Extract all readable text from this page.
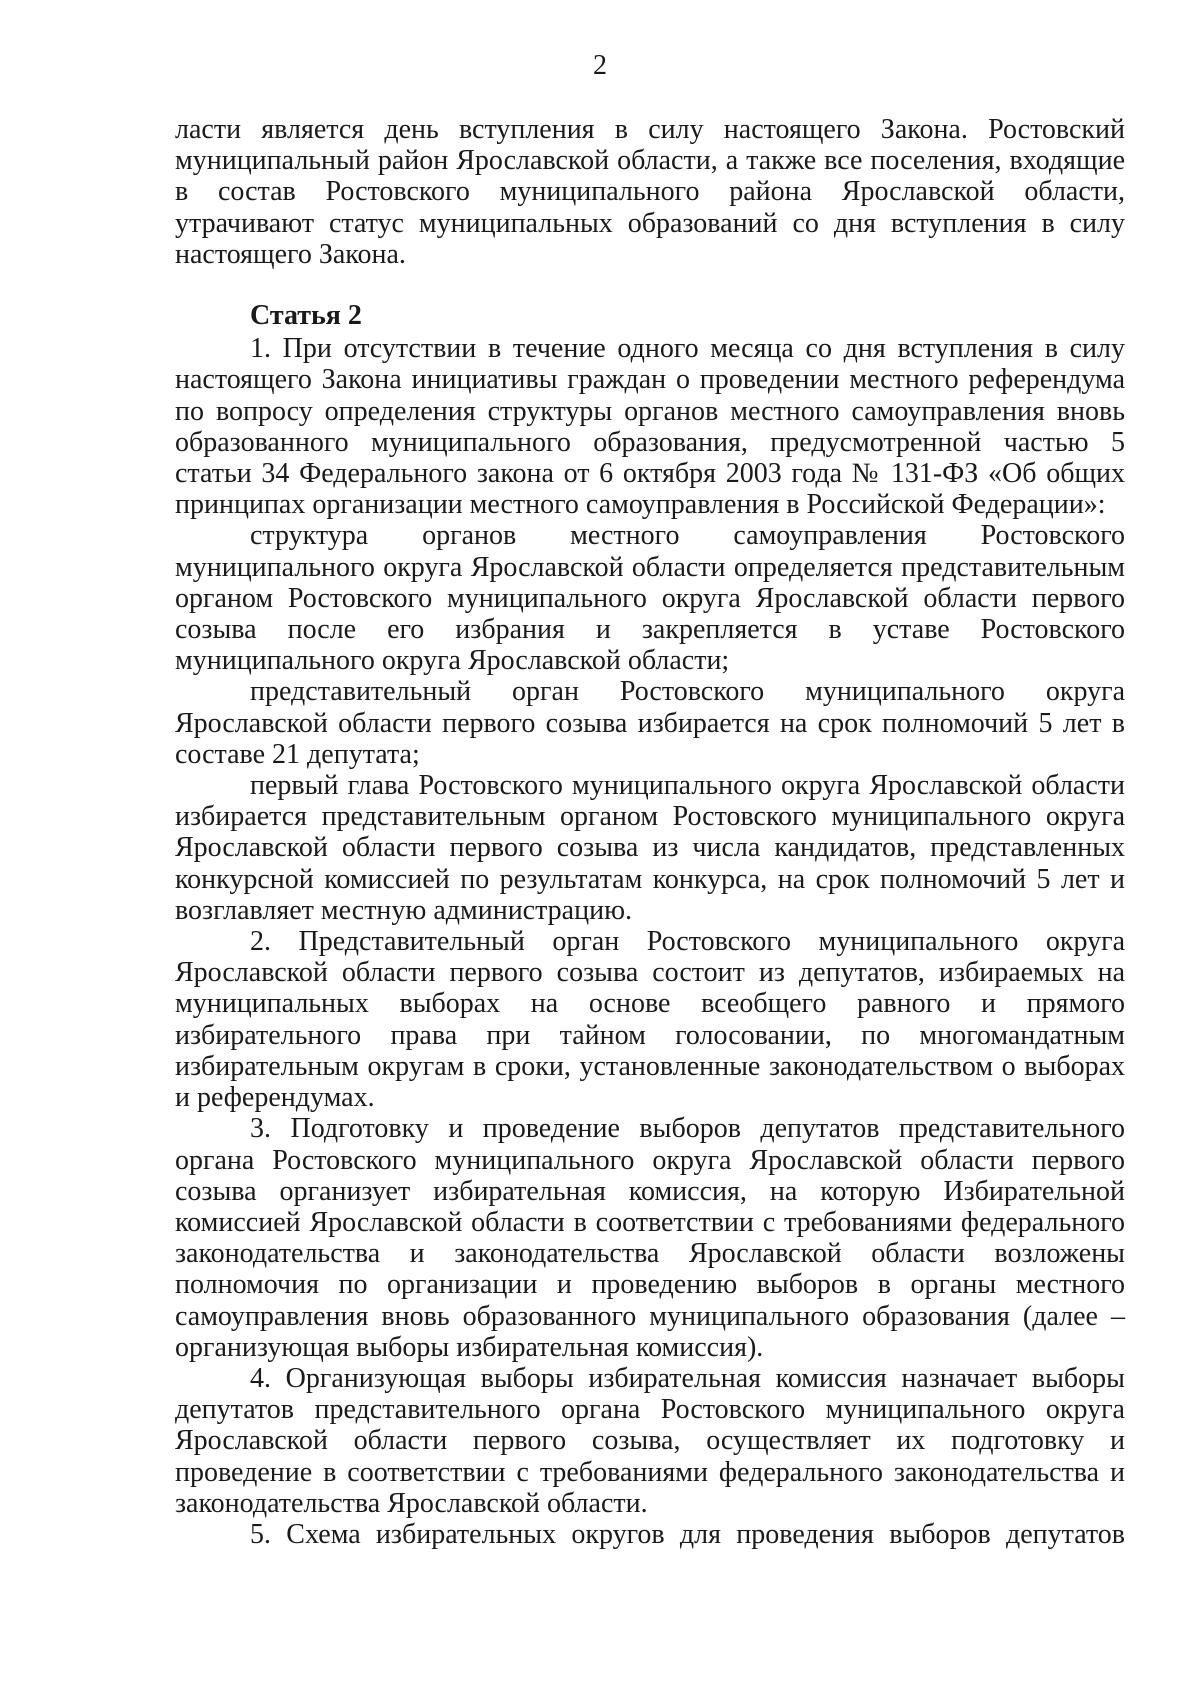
2

ласти является день вступления в силу настоящего Закона. Ростовский муниципальный район Ярославской области, а также все поселения, входящие в состав Ростовского муниципального района Ярославской области, утрачивают статус муниципальных образований со дня вступления в силу настоящего Закона.

Статья 2

1. При отсутствии в течение одного месяца со дня вступления в силу настоящего Закона инициативы граждан о проведении местного референдума по вопросу определения структуры органов местного самоуправления вновь образованного муниципального образования, предусмотренной частью 5 статьи 34 Федерального закона от 6 октября 2003 года № 131-ФЗ «Об общих принципах организации местного самоуправления в Российской Федерации»:

структура органов местного самоуправления Ростовского муниципального округа Ярославской области определяется представительным органом Ростовского муниципального округа Ярославской области первого созыва после его избрания и закрепляется в уставе Ростовского муниципального округа Ярославской области;

представительный орган Ростовского муниципального округа Ярославской области первого созыва избирается на срок полномочий 5 лет в составе 21 депутата;

первый глава Ростовского муниципального округа Ярославской области избирается представительным органом Ростовского муниципального округа Ярославской области первого созыва из числа кандидатов, представленных конкурсной комиссией по результатам конкурса, на срок полномочий 5 лет и возглавляет местную администрацию.

2. Представительный орган Ростовского муниципального округа Ярославской области первого созыва состоит из депутатов, избираемых на муниципальных выборах на основе всеобщего равного и прямого избирательного права при тайном голосовании, по многомандатным избирательным округам в сроки, установленные законодательством о выборах и референдумах.

3. Подготовку и проведение выборов депутатов представительного органа Ростовского муниципального округа Ярославской области первого созыва организует избирательная комиссия, на которую Избирательной комиссией Ярославской области в соответствии с требованиями федерального законодательства и законодательства Ярославской области возложены полномочия по организации и проведению выборов в органы местного самоуправления вновь образованного муниципального образования (далее – организующая выборы избирательная комиссия).

4. Организующая выборы избирательная комиссия назначает выборы депутатов представительного органа Ростовского муниципального округа Ярославской области первого созыва, осуществляет их подготовку и проведение в соответствии с требованиями федерального законодательства и законодательства Ярославской области.

5. Схема избирательных округов для проведения выборов депутатов
